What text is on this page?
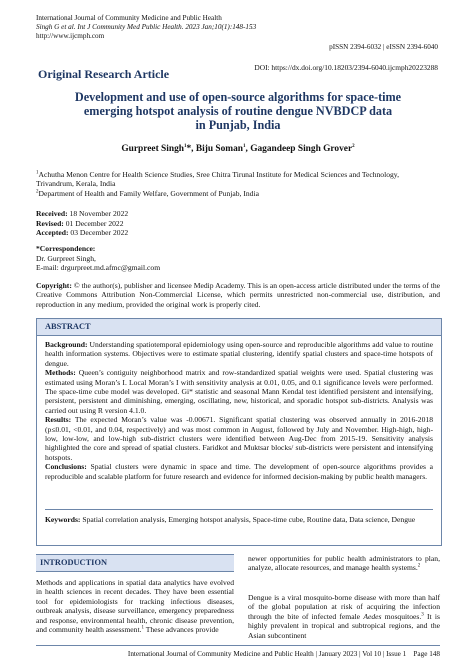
International Journal of Community Medicine and Public Health
Singh G et al. Int J Community Med Public Health. 2023 Jan;10(1):148-153
http://www.ijcmph.com
pISSN 2394-6032 | eISSN 2394-6040
Original Research Article	DOI: https://dx.doi.org/10.18203/2394-6040.ijcmph20223288
Development and use of open-source algorithms for space-time
emerging hotspot analysis of routine dengue NVBDCP data
in Punjab, India
Gurpreet Singh$^1$*, Biju Soman$^1$, Gagandeep Singh Grover$^2$
$^1$Achutha Menon Centre for Health Science Studies, Sree Chitra Tirunal Institute for Medical Sciences and Technology, Trivandrum, Kerala, India
$^2$Department of Health and Family Welfare, Government of Punjab, India
Received: 18 November 2022
Revised: 01 December 2022
Accepted: 03 December 2022
*Correspondence:
Dr. Gurpreet Singh,
E-mail: drgurpreet.md.afmc@gmail.com
Copyright: © the author(s), publisher and licensee Medip Academy. This is an open-access article distributed under the terms of the Creative Commons Attribution Non-Commercial License, which permits unrestricted non-commercial use, distribution, and reproduction in any medium, provided the original work is properly cited.
ABSTRACT
Background: Understanding spatiotemporal epidemiology using open-source and reproducible algorithms add value to routine health information systems. Objectives were to estimate spatial clustering, identify spatial clusters and space-time hotspots of dengue.
Methods: Queen’s contiguity neighborhood matrix and row-standardized spatial weights were used. Spatial clustering was estimated using Moran’s I. Local Moran’s I with sensitivity analysis at 0.01, 0.05, and 0.1 significance levels were performed. The space-time cube model was developed. Gi* statistic and seasonal Mann Kendal test identified persistent and intensifying, persistent, persistent and diminishing, emerging, oscillating, new, historical, and sporadic hotspot sub-districts. Analysis was carried out using R version 4.1.0.
Results: The expected Moran’s value was -0.00671. Significant spatial clustering was observed annually in 2016-2018 (p≤0.01, <0.01, and 0.04, respectively) and was most common in August, followed by July and November. High-high, high-low, low-low, and low-high sub-district clusters were identified between Aug-Dec from 2015-19. Sensitivity analysis highlighted the core and spread of spatial clusters. Faridkot and Muktsar blocks/ sub-districts were persistent and intensifying hotspots.
Conclusions: Spatial clusters were dynamic in space and time. The development of open-source algorithms provides a reproducible and scalable platform for future research and evidence for informed decision-making by public health managers.
Keywords: Spatial correlation analysis, Emerging hotspot analysis, Space-time cube, Routine data, Data science, Dengue
INTRODUCTION
Methods and applications in spatial data analytics have evolved in health sciences in recent decades. They have been essential tool for epidemiologists for tracking infectious diseases, outbreak analysis, disease surveillance, emergency preparedness and response, environmental health, chronic disease prevention, and community health assessment.$^1$ These advances provide
newer opportunities for public health administrators to plan, analyze, allocate resources, and manage health systems.$^2$
Dengue is a viral mosquito-borne disease with more than half of the global population at risk of acquiring the infection through the bite of infected female Aedes mosquitoes.$^3$ It is highly prevalent in tropical and subtropical regions, and the Asian subcontinent
International Journal of Community Medicine and Public Health | January 2023 | Vol 10 | Issue 1    Page 148
